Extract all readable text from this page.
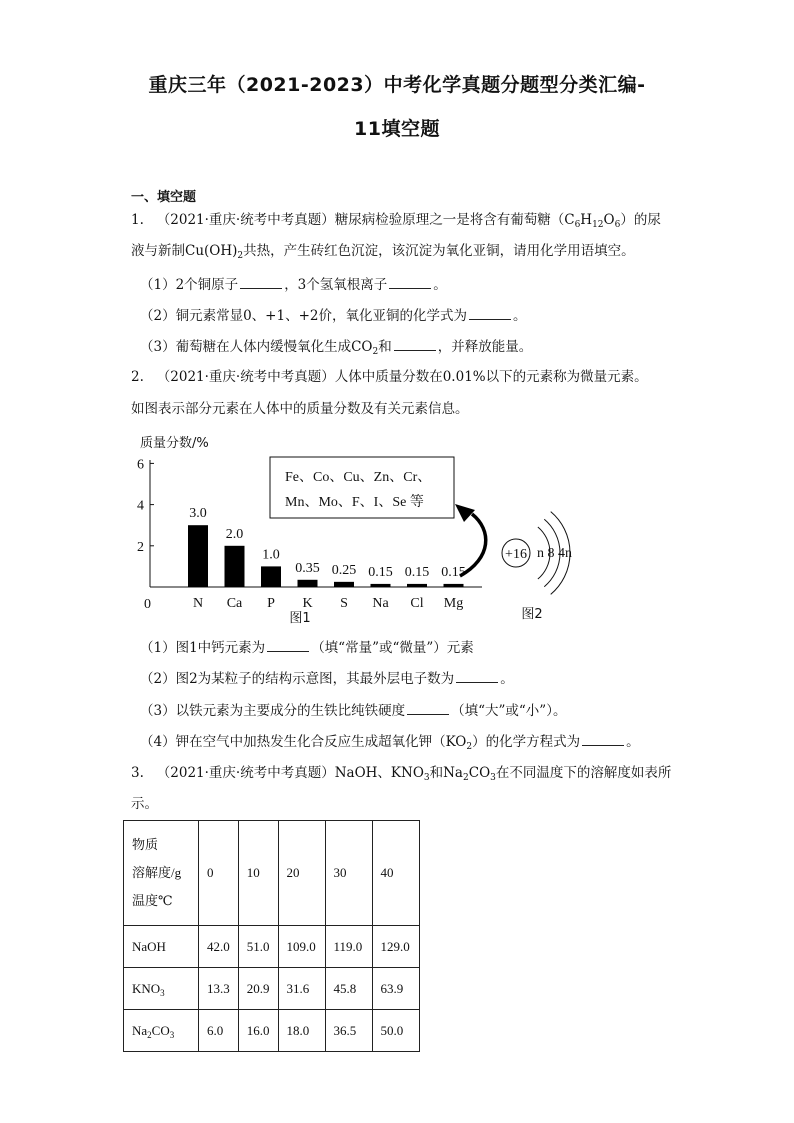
重庆三年（2021-2023）中考化学真题分题型分类汇编-
11填空题
一、填空题
1. （2021·重庆·统考中考真题）糖尿病检验原理之一是将含有葡萄糖$(C_6H_{12}O_6)$的尿
液与新制$Cu(OH)_2$共热，产生砖红色沉淀，该沉淀为氧化亚铜，请用化学用语填空。
（1）2个铜原子	，3个氢氧根离子	。
（2）铜元素常显0、+1、+2价，氧化亚铜的化学式为	。
（3）葡萄糖在人体内缓慢氧化生成$CO_2$和	，并释放能量。
2. （2021·重庆·统考中考真题）人体中质量分数在0.01%以下的元素称为微量元素。
如图表示部分元素在人体中的质量分数及有关元素信息。
质量分数/%
0
2
4
6
3.0
N
2.0
Ca
1.0
P
0.35
K
0.25
S
0.15
Na
0.15
Cl
0.15
Mg
图1
Fe、Co、Cu、Zn、Cr、
Mn、Mo、F、I、Se 等
+16 n 8 4n
图2
（1）图1中钙元素为	（填“常量”或“微量”）元素
（2）图2为某粒子的结构示意图，其最外层电子数为	。
（3）以铁元素为主要成分的生铁比纯铁硬度	（填“大”或“小”）。
（4）钾在空气中加热发生化合反应生成超氧化钾$(KO_2)$的化学方程式为	。
3. （2021·重庆·统考中考真题）NaOH、$KNO_3$和$Na_2CO_3$在不同温度下的溶解度如表所
示。
物质
溶解度/g
温度℃	0	10	20	30	40
NaOH	42.0	51.0	109.0	119.0	129.0
$KNO_3$	13.3	20.9	31.6	45.8	63.9
$Na_2CO_3$	6.0	16.0	18.0	36.5	50.0
